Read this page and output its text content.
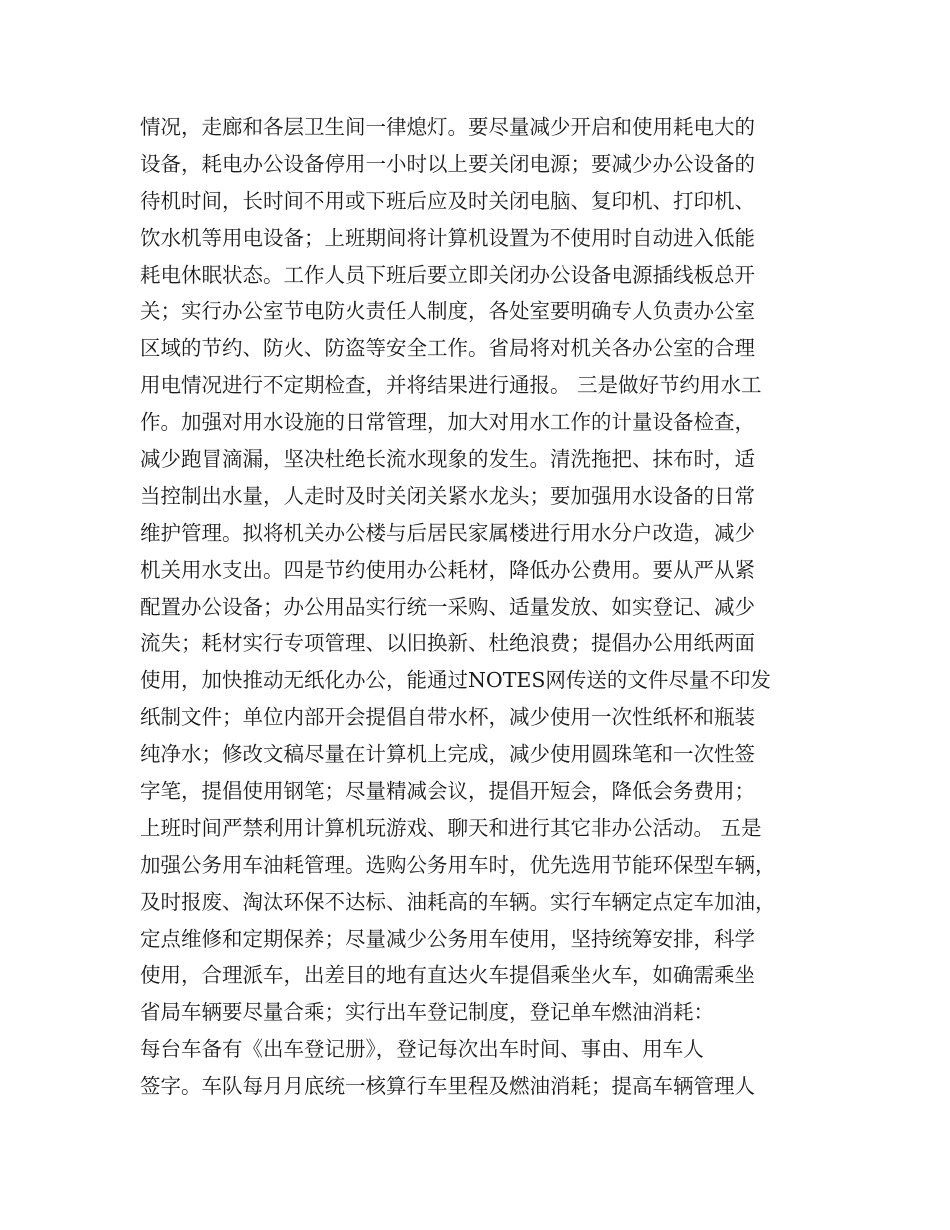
情况，走廊和各层卫生间一律熄灯。要尽量减少开启和使用耗电大的
设备，耗电办公设备停用一小时以上要关闭电源；要减少办公设备的
待机时间，长时间不用或下班后应及时关闭电脑、复印机、打印机、
饮水机等用电设备；上班期间将计算机设置为不使用时自动进入低能
耗电休眠状态。工作人员下班后要立即关闭办公设备电源插线板总开
关；实行办公室节电防火责任人制度，各处室要明确专人负责办公室
区域的节约、防火、防盗等安全工作。省局将对机关各办公室的合理
用电情况进行不定期检查，并将结果进行通报。 三是做好节约用水工
作。加强对用水设施的日常管理，加大对用水工作的计量设备检查，
减少跑冒滴漏，坚决杜绝长流水现象的发生。清洗拖把、抹布时，适
当控制出水量，人走时及时关闭关紧水龙头；要加强用水设备的日常
维护管理。拟将机关办公楼与后居民家属楼进行用水分户改造，减少
机关用水支出。四是节约使用办公耗材，降低办公费用。要从严从紧
配置办公设备；办公用品实行统一采购、适量发放、如实登记、减少
流失；耗材实行专项管理、以旧换新、杜绝浪费；提倡办公用纸两面
使用，加快推动无纸化办公，能通过NOTES网传送的文件尽量不印发
纸制文件；单位内部开会提倡自带水杯，减少使用一次性纸杯和瓶装
纯净水；修改文稿尽量在计算机上完成，减少使用圆珠笔和一次性签
字笔，提倡使用钢笔；尽量精减会议，提倡开短会，降低会务费用；
上班时间严禁利用计算机玩游戏、聊天和进行其它非办公活动。 五是
加强公务用车油耗管理。选购公务用车时，优先选用节能环保型车辆，
及时报废、淘汰环保不达标、油耗高的车辆。实行车辆定点定车加油，
定点维修和定期保养；尽量减少公务用车使用，坚持统筹安排，科学
使用，合理派车，出差目的地有直达火车提倡乘坐火车，如确需乘坐
省局车辆要尽量合乘；实行出车登记制度，登记单车燃油消耗：
每台车备有《出车登记册》，登记每次出车时间、事由、用车人
签字。车队每月月底统一核算行车里程及燃油消耗；提高车辆管理人
